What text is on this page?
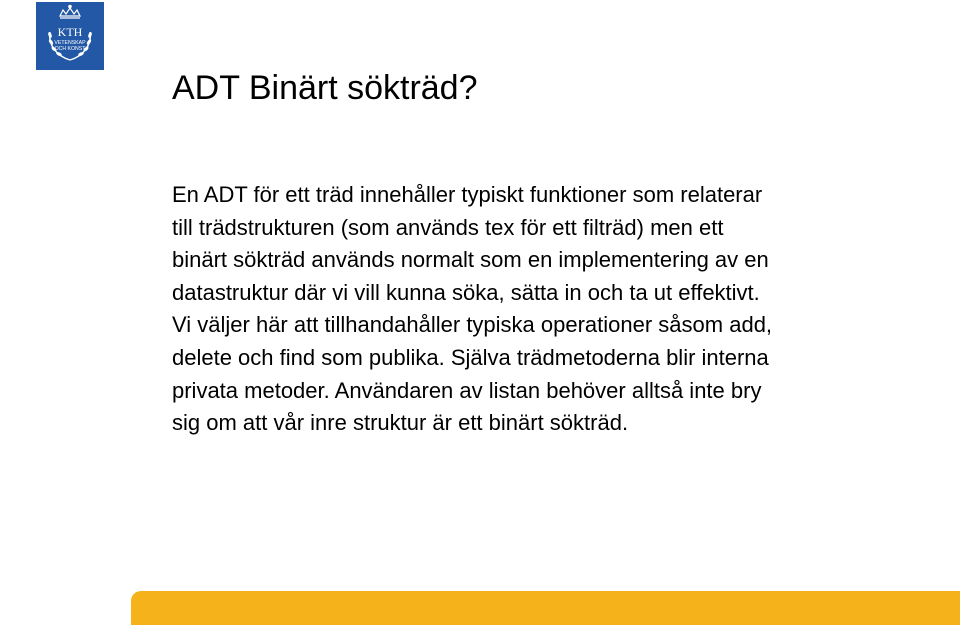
KTH
VETENSKAP
OCH KONST
ADT Binärt sökträd?

En ADT för ett träd innehåller typiskt funktioner som relaterar
till trädstrukturen (som används tex för ett filträd) men ett
binärt sökträd används normalt som en implementering av en
datastruktur där vi vill kunna söka, sätta in och ta ut effektivt.
Vi väljer här att tillhandahåller typiska operationer såsom add,
delete och find som publika. Själva trädmetoderna blir interna
privata metoder. Användaren av listan behöver alltså inte bry
sig om att vår inre struktur är ett binärt sökträd.
